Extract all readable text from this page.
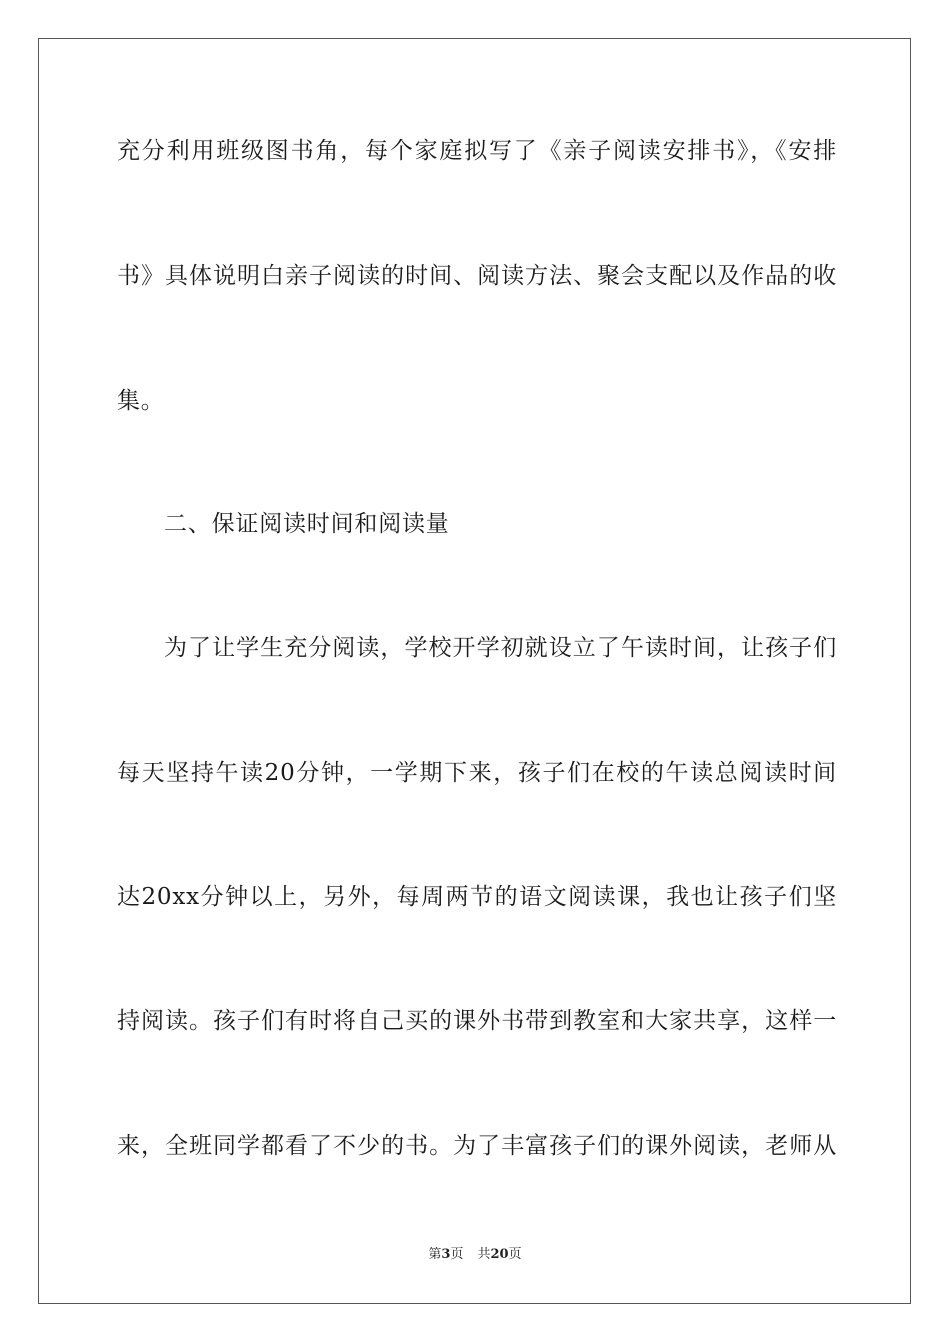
充分利用班级图书角，每个家庭拟写了《亲子阅读安排书》，《安排
书》具体说明白亲子阅读的时间、阅读方法、聚会支配以及作品的收
集。
二、保证阅读时间和阅读量
为了让学生充分阅读，学校开学初就设立了午读时间，让孩子们
每天坚持午读20分钟，一学期下来，孩子们在校的午读总阅读时间
达20xx分钟以上，另外，每周两节的语文阅读课，我也让孩子们坚
持阅读。孩子们有时将自己买的课外书带到教室和大家共享，这样一
来，全班同学都看了不少的书。为了丰富孩子们的课外阅读，老师从
第3页 共20页
